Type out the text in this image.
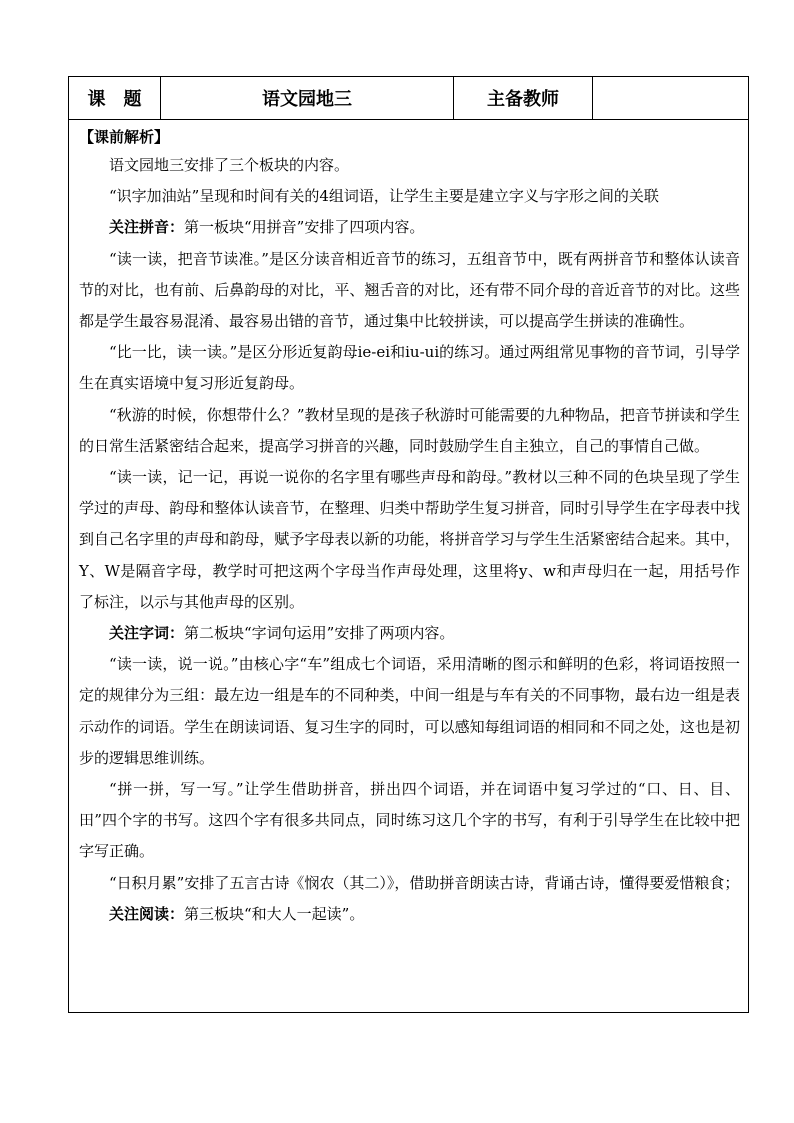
课题	语文园地三	主备教师	

【课前解析】

语文园地三安排了三个板块的内容。

“识字加油站”呈现和时间有关的4组词语，让学生主要是建立字义与字形之间的关联

关注拼音：第一板块“用拼音”安排了四项内容。

“读一读，把音节读准。”是区分读音相近音节的练习，五组音节中，既有两拼音节和整体认读音节的对比，也有前、后鼻韵母的对比，平、翘舌音的对比，还有带不同介母的音近音节的对比。这些都是学生最容易混淆、最容易出错的音节，通过集中比较拼读，可以提高学生拼读的准确性。

“比一比，读一读。”是区分形近复韵母ie-ei和iu-ui的练习。通过两组常见事物的音节词，引导学生在真实语境中复习形近复韵母。

“秋游的时候，你想带什么？”教材呈现的是孩子秋游时可能需要的九种物品，把音节拼读和学生的日常生活紧密结合起来，提高学习拼音的兴趣，同时鼓励学生自主独立，自己的事情自己做。

“读一读，记一记，再说一说你的名字里有哪些声母和韵母。”教材以三种不同的色块呈现了学生学过的声母、韵母和整体认读音节，在整理、归类中帮助学生复习拼音，同时引导学生在字母表中找到自己名字里的声母和韵母，赋予字母表以新的功能，将拼音学习与学生生活紧密结合起来。其中，Y、W是隔音字母，教学时可把这两个字母当作声母处理，这里将y、w和声母归在一起，用括号作了标注，以示与其他声母的区别。

关注字词：第二板块“字词句运用”安排了两项内容。

“读一读，说一说。”由核心字“车”组成七个词语，采用清晰的图示和鲜明的色彩，将词语按照一定的规律分为三组：最左边一组是车的不同种类，中间一组是与车有关的不同事物，最右边一组是表示动作的词语。学生在朗读词语、复习生字的同时，可以感知每组词语的相同和不同之处，这也是初步的逻辑思维训练。

“拼一拼，写一写。”让学生借助拼音，拼出四个词语，并在词语中复习学过的“口、日、目、田”四个字的书写。这四个字有很多共同点，同时练习这几个字的书写，有利于引导学生在比较中把字写正确。

“日积月累”安排了五言古诗《悯农（其二）》，借助拼音朗读古诗，背诵古诗，懂得要爱惜粮食；

关注阅读：第三板块“和大人一起读”。
